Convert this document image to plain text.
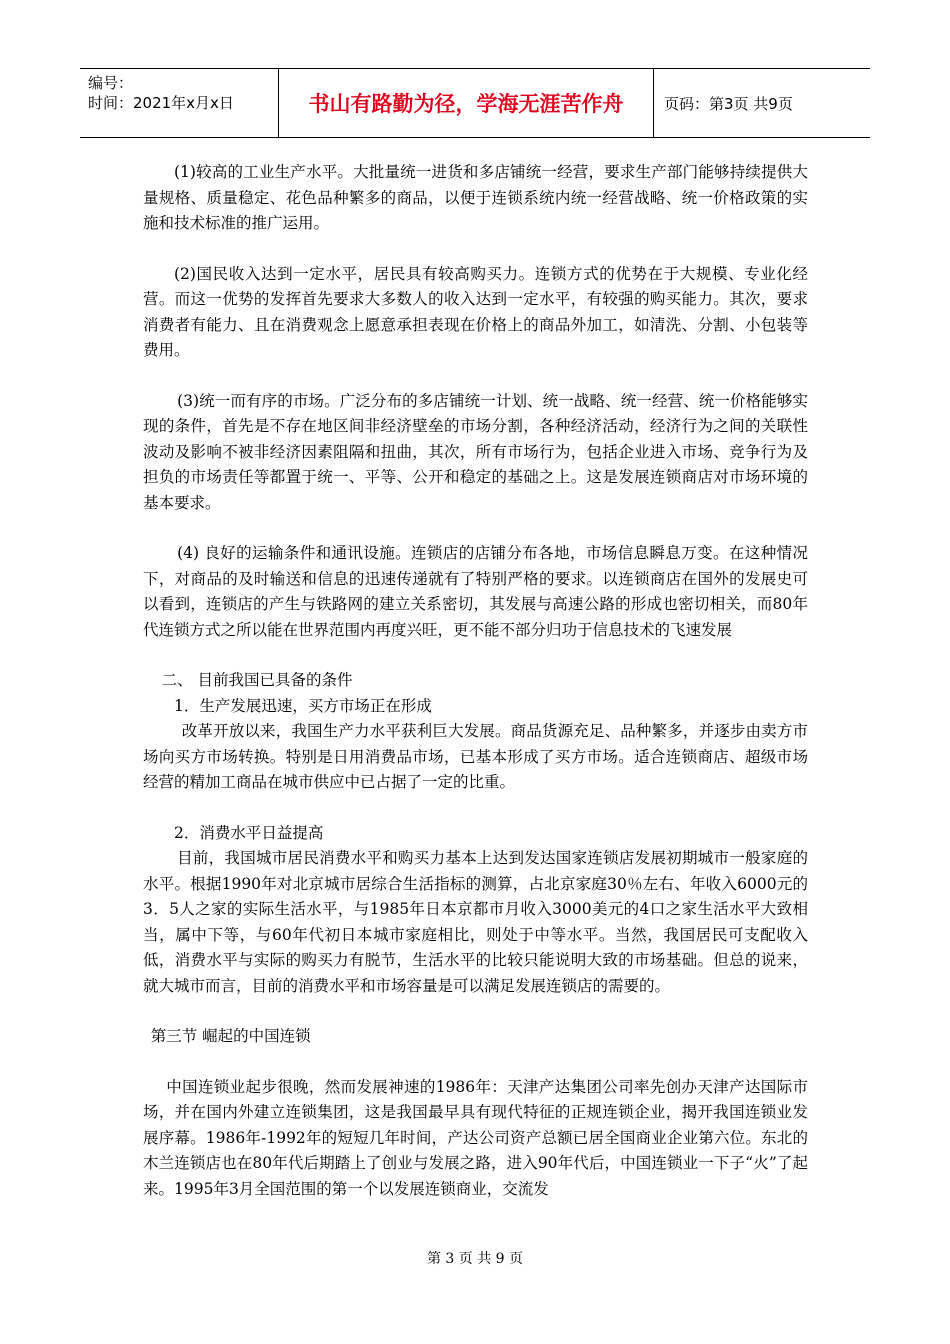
编号：
时间：2021年x月x日	书山有路勤为径，学海无涯苦作舟	页码：第3页 共9页

(1)较高的工业生产水平。大批量统一进货和多店铺统一经营，要求生产部门能够持续提供大量规格、质量稳定、花色品种繁多的商品，以便于连锁系统内统一经营战略、统一价格政策的实施和技术标准的推广运用。

(2)国民收入达到一定水平，居民具有较高购买力。连锁方式的优势在于大规模、专业化经营。而这一优势的发挥首先要求大多数人的收入达到一定水平，有较强的购买能力。其次，要求消费者有能力、且在消费观念上愿意承担表现在价格上的商品外加工，如清洗、分割、小包装等费用。

(3)统一而有序的市场。广泛分布的多店铺统一计划、统一战略、统一经营、统一价格能够实现的条件，首先是不存在地区间非经济壁垒的市场分割，各种经济活动，经济行为之间的关联性波动及影响不被非经济因素阻隔和扭曲，其次，所有市场行为，包括企业进入市场、竞争行为及担负的市场责任等都置于统一、平等、公开和稳定的基础之上。这是发展连锁商店对市场环境的基本要求。

(4) 良好的运输条件和通讯设施。连锁店的店铺分布各地，市场信息瞬息万变。在这种情况下，对商品的及时输送和信息的迅速传递就有了特别严格的要求。以连锁商店在国外的发展史可以看到，连锁店的产生与铁路网的建立关系密切，其发展与高速公路的形成也密切相关，而80年代连锁方式之所以能在世界范围内再度兴旺，更不能不部分归功于信息技术的飞速发展

二、 目前我国已具备的条件

1．生产发展迅速，买方市场正在形成

改革开放以来，我国生产力水平获利巨大发展。商品货源充足、品种繁多，并逐步由卖方市场向买方市场转换。特别是日用消费品市场，已基本形成了买方市场。适合连锁商店、超级市场经营的精加工商品在城市供应中已占据了一定的比重。

2．消费水平日益提高

目前，我国城市居民消费水平和购买力基本上达到发达国家连锁店发展初期城市一般家庭的水平。根据1990年对北京城市居综合生活指标的测算，占北京家庭30％左右、年收入6000元的3．5人之家的实际生活水平，与1985年日本京都市月收入3000美元的4口之家生活水平大致相当，属中下等，与60年代初日本城市家庭相比，则处于中等水平。当然，我国居民可支配收入低，消费水平与实际的购买力有脱节，生活水平的比较只能说明大致的市场基础。但总的说来，就大城市而言，目前的消费水平和市场容量是可以满足发展连锁店的需要的。

第三节 崛起的中国连锁

中国连锁业起步很晚，然而发展神速的1986年：天津产达集团公司率先创办天津产达国际市场，并在国内外建立连锁集团，这是我国最早具有现代特征的正规连锁企业，揭开我国连锁业发展序幕。1986年-1992年的短短几年时间，产达公司资产总额已居全国商业企业第六位。东北的木兰连锁店也在80年代后期踏上了创业与发展之路，进入90年代后，中国连锁业一下子“火”了起来。1995年3月全国范围的第一个以发展连锁商业，交流发

第 3 页 共 9 页
